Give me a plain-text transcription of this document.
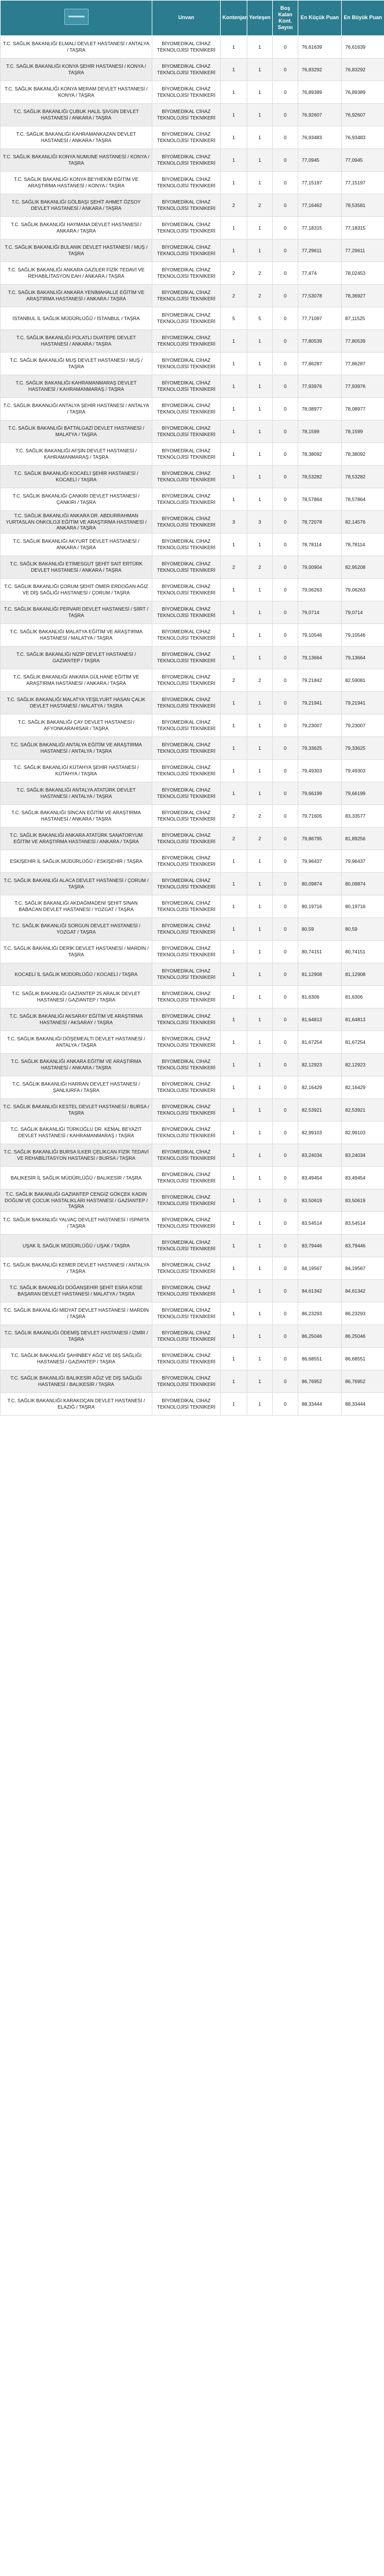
	Unvan	Kontenjan	Yerleşen	Boş Kalan Kont. Sayısı	En Küçük Puan	En Büyük Puan
T.C. SAĞLIK BAKANLIĞI ELMALI DEVLET HASTANESİ / ANTALYA / TAŞRA	BİYOMEDİKAL CİHAZ TEKNOLOJİSİ TEKNİKERİ	1	1	0	76,61639	76,61639
T.C. SAĞLIK BAKANLIĞI KONYA ŞEHİR HASTANESİ / KONYA / TAŞRA	BİYOMEDİKAL CİHAZ TEKNOLOJİSİ TEKNİKERİ	1	1	0	76,83292	76,83292
T.C. SAĞLIK BAKANLIĞI KONYA MERAM DEVLET HASTANESİ / KONYA / TAŞRA	BİYOMEDİKAL CİHAZ TEKNOLOJİSİ TEKNİKERİ	1	1	0	76,89389	76,89389
T.C. SAĞLIK BAKANLIĞI ÇUBUK HALİL ŞIVGIN DEVLET HASTANESİ / ANKARA / TAŞRA	BİYOMEDİKAL CİHAZ TEKNOLOJİSİ TEKNİKERİ	1	1	0	76,92607	76,92607
T.C. SAĞLIK BAKANLIĞI KAHRAMANKAZAN DEVLET HASTANESİ / ANKARA / TAŞRA	BİYOMEDİKAL CİHAZ TEKNOLOJİSİ TEKNİKERİ	1	1	0	76,93483	76,93483
T.C. SAĞLIK BAKANLIĞI KONYA NUMUNE HASTANESİ / KONYA / TAŞRA	BİYOMEDİKAL CİHAZ TEKNOLOJİSİ TEKNİKERİ	1	1	0	77,0945	77,0945
T.C. SAĞLIK BAKANLIĞI KONYA BEYHEKİM EĞİTİM VE ARAŞTIRMA HASTANESİ / KONYA / TAŞRA	BİYOMEDİKAL CİHAZ TEKNOLOJİSİ TEKNİKERİ	1	1	0	77,15197	77,15197
T.C. SAĞLIK BAKANLIĞI GÖLBAŞI ŞEHİT AHMET ÖZSOY DEVLET HASTANESİ / ANKARA / TAŞRA	BİYOMEDİKAL CİHAZ TEKNOLOJİSİ TEKNİKERİ	2	2	0	77,16462	78,53581
T.C. SAĞLIK BAKANLIĞI HAYMANA DEVLET HASTANESİ / ANKARA / TAŞRA	BİYOMEDİKAL CİHAZ TEKNOLOJİSİ TEKNİKERİ	1	1	0	77,18315	77,18315
T.C. SAĞLIK BAKANLIĞI BULANIK DEVLET HASTANESİ / MUŞ / TAŞRA	BİYOMEDİKAL CİHAZ TEKNOLOJİSİ TEKNİKERİ	1	1	0	77,29611	77,29611
T.C. SAĞLIK BAKANLIĞI ANKARA GAZİLER FİZİK TEDAVİ VE REHABİLİTASYON EAH / ANKARA / TAŞRA	BİYOMEDİKAL CİHAZ TEKNOLOJİSİ TEKNİKERİ	2	2	0	77,474	78,02453
T.C. SAĞLIK BAKANLIĞI ANKARA YENİMAHALLE EĞİTİM VE ARAŞTIRMA HASTANESİ / ANKARA / TAŞRA	BİYOMEDİKAL CİHAZ TEKNOLOJİSİ TEKNİKERİ	2	2	0	77,53078	78,36927
İSTANBUL İL SAĞLIK MÜDÜRLÜĞÜ / İSTANBUL / TAŞRA	BİYOMEDİKAL CİHAZ TEKNOLOJİSİ TEKNİKERİ	5	5	0	77,71097	87,11525
T.C. SAĞLIK BAKANLIĞI POLATLI DUATEPE DEVLET HASTANESİ / ANKARA / TAŞRA	BİYOMEDİKAL CİHAZ TEKNOLOJİSİ TEKNİKERİ	1	1	0	77,80539	77,80539
T.C. SAĞLIK BAKANLIĞI MUŞ DEVLET HASTANESİ / MUŞ / TAŞRA	BİYOMEDİKAL CİHAZ TEKNOLOJİSİ TEKNİKERİ	1	1	0	77,86287	77,86287
T.C. SAĞLIK BAKANLIĞI KAHRAMANMARAŞ DEVLET HASTANESİ / KAHRAMANMARAŞ / TAŞRA	BİYOMEDİKAL CİHAZ TEKNOLOJİSİ TEKNİKERİ	1	1	0	77,93976	77,93976
T.C. SAĞLIK BAKANLIĞI ANTALYA ŞEHİR HASTANESİ / ANTALYA / TAŞRA	BİYOMEDİKAL CİHAZ TEKNOLOJİSİ TEKNİKERİ	1	1	0	78,08977	78,08977
T.C. SAĞLIK BAKANLIĞI BATTALGAZİ DEVLET HASTANESİ / MALATYA / TAŞRA	BİYOMEDİKAL CİHAZ TEKNOLOJİSİ TEKNİKERİ	1	1	0	78,1599	78,1599
T.C. SAĞLIK BAKANLIĞI AFŞİN DEVLET HASTANESİ / KAHRAMANMARAŞ / TAŞRA	BİYOMEDİKAL CİHAZ TEKNOLOJİSİ TEKNİKERİ	1	1	0	78,38092	78,38092
T.C. SAĞLIK BAKANLIĞI KOCAELİ ŞEHİR HASTANESİ / KOCAELİ / TAŞRA	BİYOMEDİKAL CİHAZ TEKNOLOJİSİ TEKNİKERİ	1	1	0	78,53282	78,53282
T.C. SAĞLIK BAKANLIĞI ÇANKIRI DEVLET HASTANESİ / ÇANKIRI / TAŞRA	BİYOMEDİKAL CİHAZ TEKNOLOJİSİ TEKNİKERİ	1	1	0	78,57864	78,57864
T.C. SAĞLIK BAKANLIĞI ANKARA DR. ABDURRAHMAN YURTASLAN ONKOLOJİ EĞİTİM VE ARAŞTIRMA HASTANESİ / ANKARA / TAŞRA	BİYOMEDİKAL CİHAZ TEKNOLOJİSİ TEKNİKERİ	3	3	0	78,72078	82,14576
T.C. SAĞLIK BAKANLIĞI AKYURT DEVLET HASTANESİ / ANKARA / TAŞRA	BİYOMEDİKAL CİHAZ TEKNOLOJİSİ TEKNİKERİ	1	1	0	78,78114	78,78114
T.C. SAĞLIK BAKANLIĞI ETİMESGUT ŞEHİT SAİT ERTÜRK DEVLET HASTANESİ / ANKARA / TAŞRA	BİYOMEDİKAL CİHAZ TEKNOLOJİSİ TEKNİKERİ	2	2	0	79,00904	82,95208
T.C. SAĞLIK BAKANLIĞI ÇORUM ŞEHİT ÖMER ERDOĞAN AĞIZ VE DİŞ SAĞLIĞI HASTANESİ / ÇORUM / TAŞRA	BİYOMEDİKAL CİHAZ TEKNOLOJİSİ TEKNİKERİ	1	1	0	79,06263	79,06263
T.C. SAĞLIK BAKANLIĞI PERVARİ DEVLET HASTANESİ / SİİRT / TAŞRA	BİYOMEDİKAL CİHAZ TEKNOLOJİSİ TEKNİKERİ	1	1	0	79,0714	79,0714
T.C. SAĞLIK BAKANLIĞI MALATYA EĞİTİM VE ARAŞTIRMA HASTANESİ / MALATYA / TAŞRA	BİYOMEDİKAL CİHAZ TEKNOLOJİSİ TEKNİKERİ	1	1	0	79,10546	79,10546
T.C. SAĞLIK BAKANLIĞI NİZİP DEVLET HASTANESİ / GAZİANTEP / TAŞRA	BİYOMEDİKAL CİHAZ TEKNOLOJİSİ TEKNİKERİ	1	1	0	79,13664	79,13664
T.C. SAĞLIK BAKANLIĞI ANKARA GÜLHANE EĞİTİM VE ARAŞTIRMA HASTANESİ / ANKARA / TAŞRA	BİYOMEDİKAL CİHAZ TEKNOLOJİSİ TEKNİKERİ	2	2	0	79,21842	82,59081
T.C. SAĞLIK BAKANLIĞI MALATYA YEŞİLYURT HASAN ÇALIK DEVLET HASTANESİ / MALATYA / TAŞRA	BİYOMEDİKAL CİHAZ TEKNOLOJİSİ TEKNİKERİ	1	1	0	79,21941	79,21941
T.C. SAĞLIK BAKANLIĞI ÇAY DEVLET HASTANESİ / AFYONKARAHİSAR / TAŞRA	BİYOMEDİKAL CİHAZ TEKNOLOJİSİ TEKNİKERİ	1	1	0	79,23007	79,23007
T.C. SAĞLIK BAKANLIĞI ANTALYA EĞİTİM VE ARAŞTIRMA HASTANESİ / ANTALYA / TAŞRA	BİYOMEDİKAL CİHAZ TEKNOLOJİSİ TEKNİKERİ	1	1	0	79,33625	79,33625
T.C. SAĞLIK BAKANLIĞI KÜTAHYA ŞEHİR HASTANESİ / KÜTAHYA / TAŞRA	BİYOMEDİKAL CİHAZ TEKNOLOJİSİ TEKNİKERİ	1	1	0	79,49303	79,49303
T.C. SAĞLIK BAKANLIĞI ANTALYA ATATÜRK DEVLET HASTANESİ / ANTALYA / TAŞRA	BİYOMEDİKAL CİHAZ TEKNOLOJİSİ TEKNİKERİ	1	1	0	79,66199	79,66199
T.C. SAĞLIK BAKANLIĞI SİNCAN EĞİTİM VE ARAŞTIRMA HASTANESİ / ANKARA / TAŞRA	BİYOMEDİKAL CİHAZ TEKNOLOJİSİ TEKNİKERİ	2	2	0	79,71605	83,33577
T.C. SAĞLIK BAKANLIĞI ANKARA ATATÜRK SANATORYUM EĞİTİM VE ARAŞTIRMA HASTANESİ / ANKARA / TAŞRA	BİYOMEDİKAL CİHAZ TEKNOLOJİSİ TEKNİKERİ	2	2	0	79,86795	81,89256
ESKİŞEHİR İL SAĞLIK MÜDÜRLÜĞÜ / ESKİŞEHİR / TAŞRA	BİYOMEDİKAL CİHAZ TEKNOLOJİSİ TEKNİKERİ	1	1	0	79,96437	79,96437
T.C. SAĞLIK BAKANLIĞI ALACA DEVLET HASTANESİ / ÇORUM / TAŞRA	BİYOMEDİKAL CİHAZ TEKNOLOJİSİ TEKNİKERİ	1	1	0	80,09874	80,09874
T.C. SAĞLIK BAKANLIĞI AKDAĞMADENİ ŞEHİT SİNAN BABACAN DEVLET HASTANESİ / YOZGAT / TAŞRA	BİYOMEDİKAL CİHAZ TEKNOLOJİSİ TEKNİKERİ	1	1	0	80,19716	80,19716
T.C. SAĞLIK BAKANLIĞI SORGUN DEVLET HASTANESİ / YOZGAT / TAŞRA	BİYOMEDİKAL CİHAZ TEKNOLOJİSİ TEKNİKERİ	1	1	0	80,59	80,59
T.C. SAĞLIK BAKANLIĞI DERİK DEVLET HASTANESİ / MARDİN / TAŞRA	BİYOMEDİKAL CİHAZ TEKNOLOJİSİ TEKNİKERİ	1	1	0	80,74151	80,74151
KOCAELİ İL SAĞLIK MÜDÜRLÜĞÜ / KOCAELİ / TAŞRA	BİYOMEDİKAL CİHAZ TEKNOLOJİSİ TEKNİKERİ	1	1	0	81,12908	81,12908
T.C. SAĞLIK BAKANLIĞI GAZİANTEP 25 ARALIK DEVLET HASTANESİ / GAZİANTEP / TAŞRA	BİYOMEDİKAL CİHAZ TEKNOLOJİSİ TEKNİKERİ	1	1	0	81,6306	81,6306
T.C. SAĞLIK BAKANLIĞI AKSARAY EĞİTİM VE ARAŞTIRMA HASTANESİ / AKSARAY / TAŞRA	BİYOMEDİKAL CİHAZ TEKNOLOJİSİ TEKNİKERİ	1	1	0	81,64813	81,64813
T.C. SAĞLIK BAKANLIĞI DÖŞEMEALTI DEVLET HASTANESİ / ANTALYA / TAŞRA	BİYOMEDİKAL CİHAZ TEKNOLOJİSİ TEKNİKERİ	1	1	0	81,67254	81,67254
T.C. SAĞLIK BAKANLIĞI ANKARA EĞİTİM VE ARAŞTIRMA HASTANESİ / ANKARA / TAŞRA	BİYOMEDİKAL CİHAZ TEKNOLOJİSİ TEKNİKERİ	1	1	0	82,12923	82,12923
T.C. SAĞLIK BAKANLIĞI HARRAN DEVLET HASTANESİ / ŞANLIURFA / TAŞRA	BİYOMEDİKAL CİHAZ TEKNOLOJİSİ TEKNİKERİ	1	1	0	82,16429	82,16429
T.C. SAĞLIK BAKANLIĞI KESTEL DEVLET HASTANESİ / BURSA / TAŞRA	BİYOMEDİKAL CİHAZ TEKNOLOJİSİ TEKNİKERİ	1	1	0	82,53921	82,53921
T.C. SAĞLIK BAKANLIĞI TÜRKOĞLU DR. KEMAL BEYAZIT DEVLET HASTANESİ / KAHRAMANMARAŞ / TAŞRA	BİYOMEDİKAL CİHAZ TEKNOLOJİSİ TEKNİKERİ	1	1	0	82,99103	82,99103
T.C. SAĞLIK BAKANLIĞI BURSA İLKER ÇELİKCAN FİZİK TEDAVİ VE REHABİLİTASYON HASTANESİ / BURSA / TAŞRA	BİYOMEDİKAL CİHAZ TEKNOLOJİSİ TEKNİKERİ	1	1	0	83,24034	83,24034
BALIKESİR İL SAĞLIK MÜDÜRLÜĞÜ / BALIKESİR / TAŞRA	BİYOMEDİKAL CİHAZ TEKNOLOJİSİ TEKNİKERİ	1	1	0	83,49454	83,49454
T.C. SAĞLIK BAKANLIĞI GAZİANTEP CENGİZ GÖKÇEK KADIN DOĞUM VE ÇOCUK HASTALIKLARI HASTANESİ / GAZİANTEP / TAŞRA	BİYOMEDİKAL CİHAZ TEKNOLOJİSİ TEKNİKERİ	1	1	0	83,50619	83,50619
T.C. SAĞLIK BAKANLIĞI YALVAÇ DEVLET HASTANESİ / ISPARTA / TAŞRA	BİYOMEDİKAL CİHAZ TEKNOLOJİSİ TEKNİKERİ	1	1	0	83,54514	83,54514
UŞAK İL SAĞLIK MÜDÜRLÜĞÜ / UŞAK / TAŞRA	BİYOMEDİKAL CİHAZ TEKNOLOJİSİ TEKNİKERİ	1	1	0	83,79446	83,79446
T.C. SAĞLIK BAKANLIĞI KEMER DEVLET HASTANESİ / ANTALYA / TAŞRA	BİYOMEDİKAL CİHAZ TEKNOLOJİSİ TEKNİKERİ	1	1	0	84,19567	84,19567
T.C. SAĞLIK BAKANLIĞI DOĞANŞEHİR ŞEHİT ESRA KÖSE BAŞARAN DEVLET HASTANESİ / MALATYA / TAŞRA	BİYOMEDİKAL CİHAZ TEKNOLOJİSİ TEKNİKERİ	1	1	0	84,61342	84,61342
T.C. SAĞLIK BAKANLIĞI MİDYAT DEVLET HASTANESİ / MARDİN / TAŞRA	BİYOMEDİKAL CİHAZ TEKNOLOJİSİ TEKNİKERİ	1	1	0	86,23293	86,23293
T.C. SAĞLIK BAKANLIĞI ÖDEMİŞ DEVLET HASTANESİ / İZMİR / TAŞRA	BİYOMEDİKAL CİHAZ TEKNOLOJİSİ TEKNİKERİ	1	1	0	86,25046	86,25046
T.C. SAĞLIK BAKANLIĞI ŞAHİNBEY AĞIZ VE DİŞ SAĞLIĞI HASTANESİ / GAZİANTEP / TAŞRA	BİYOMEDİKAL CİHAZ TEKNOLOJİSİ TEKNİKERİ	1	1	0	86,68551	86,68551
T.C. SAĞLIK BAKANLIĞI BALIKESİR AĞIZ VE DİŞ SAĞLIĞI HASTANESİ / BALIKESİR / TAŞRA	BİYOMEDİKAL CİHAZ TEKNOLOJİSİ TEKNİKERİ	1	1	0	86,76952	86,76952
T.C. SAĞLIK BAKANLIĞI KARAKOÇAN DEVLET HASTANESİ / ELAZIĞ / TAŞRA	BİYOMEDİKAL CİHAZ TEKNOLOJİSİ TEKNİKERİ	1	1	0	88,33444	88,33444
